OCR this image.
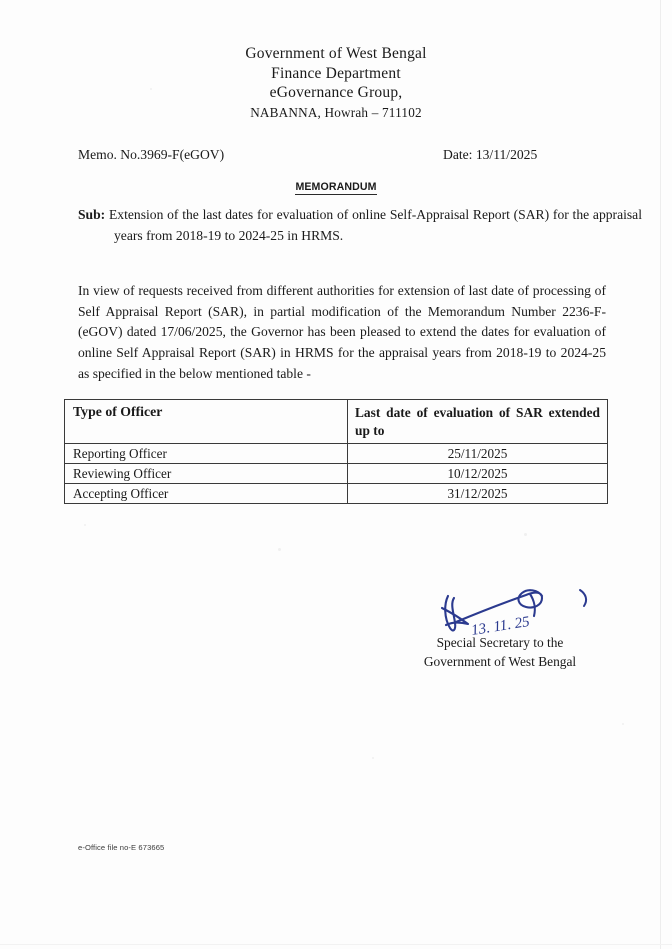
Government of West Bengal
Finance Department
eGovernance Group,
NABANNA, Howrah – 711102
Memo. No.3969-F(eGOV)	Date: 13/11/2025
MEMORANDUM
Sub: Extension of the last dates for evaluation of online Self-Appraisal Report (SAR) for the appraisal years from 2018-19 to 2024-25 in HRMS.
In view of requests received from different authorities for extension of last date of processing of Self Appraisal Report (SAR), in partial modification of the Memorandum Number 2236-F-(eGOV) dated 17/06/2025, the Governor has been pleased to extend the dates for evaluation of online Self Appraisal Report (SAR) in HRMS for the appraisal years from 2018-19 to 2024-25 as specified in the below mentioned table -
Type of Officer	Last date of evaluation of SAR extended up to
Reporting Officer	25/11/2025
Reviewing Officer	10/12/2025
Accepting Officer	31/12/2025
13. 11. 25
Special Secretary to the
Government of West Bengal
e-Office file no-E 673665
